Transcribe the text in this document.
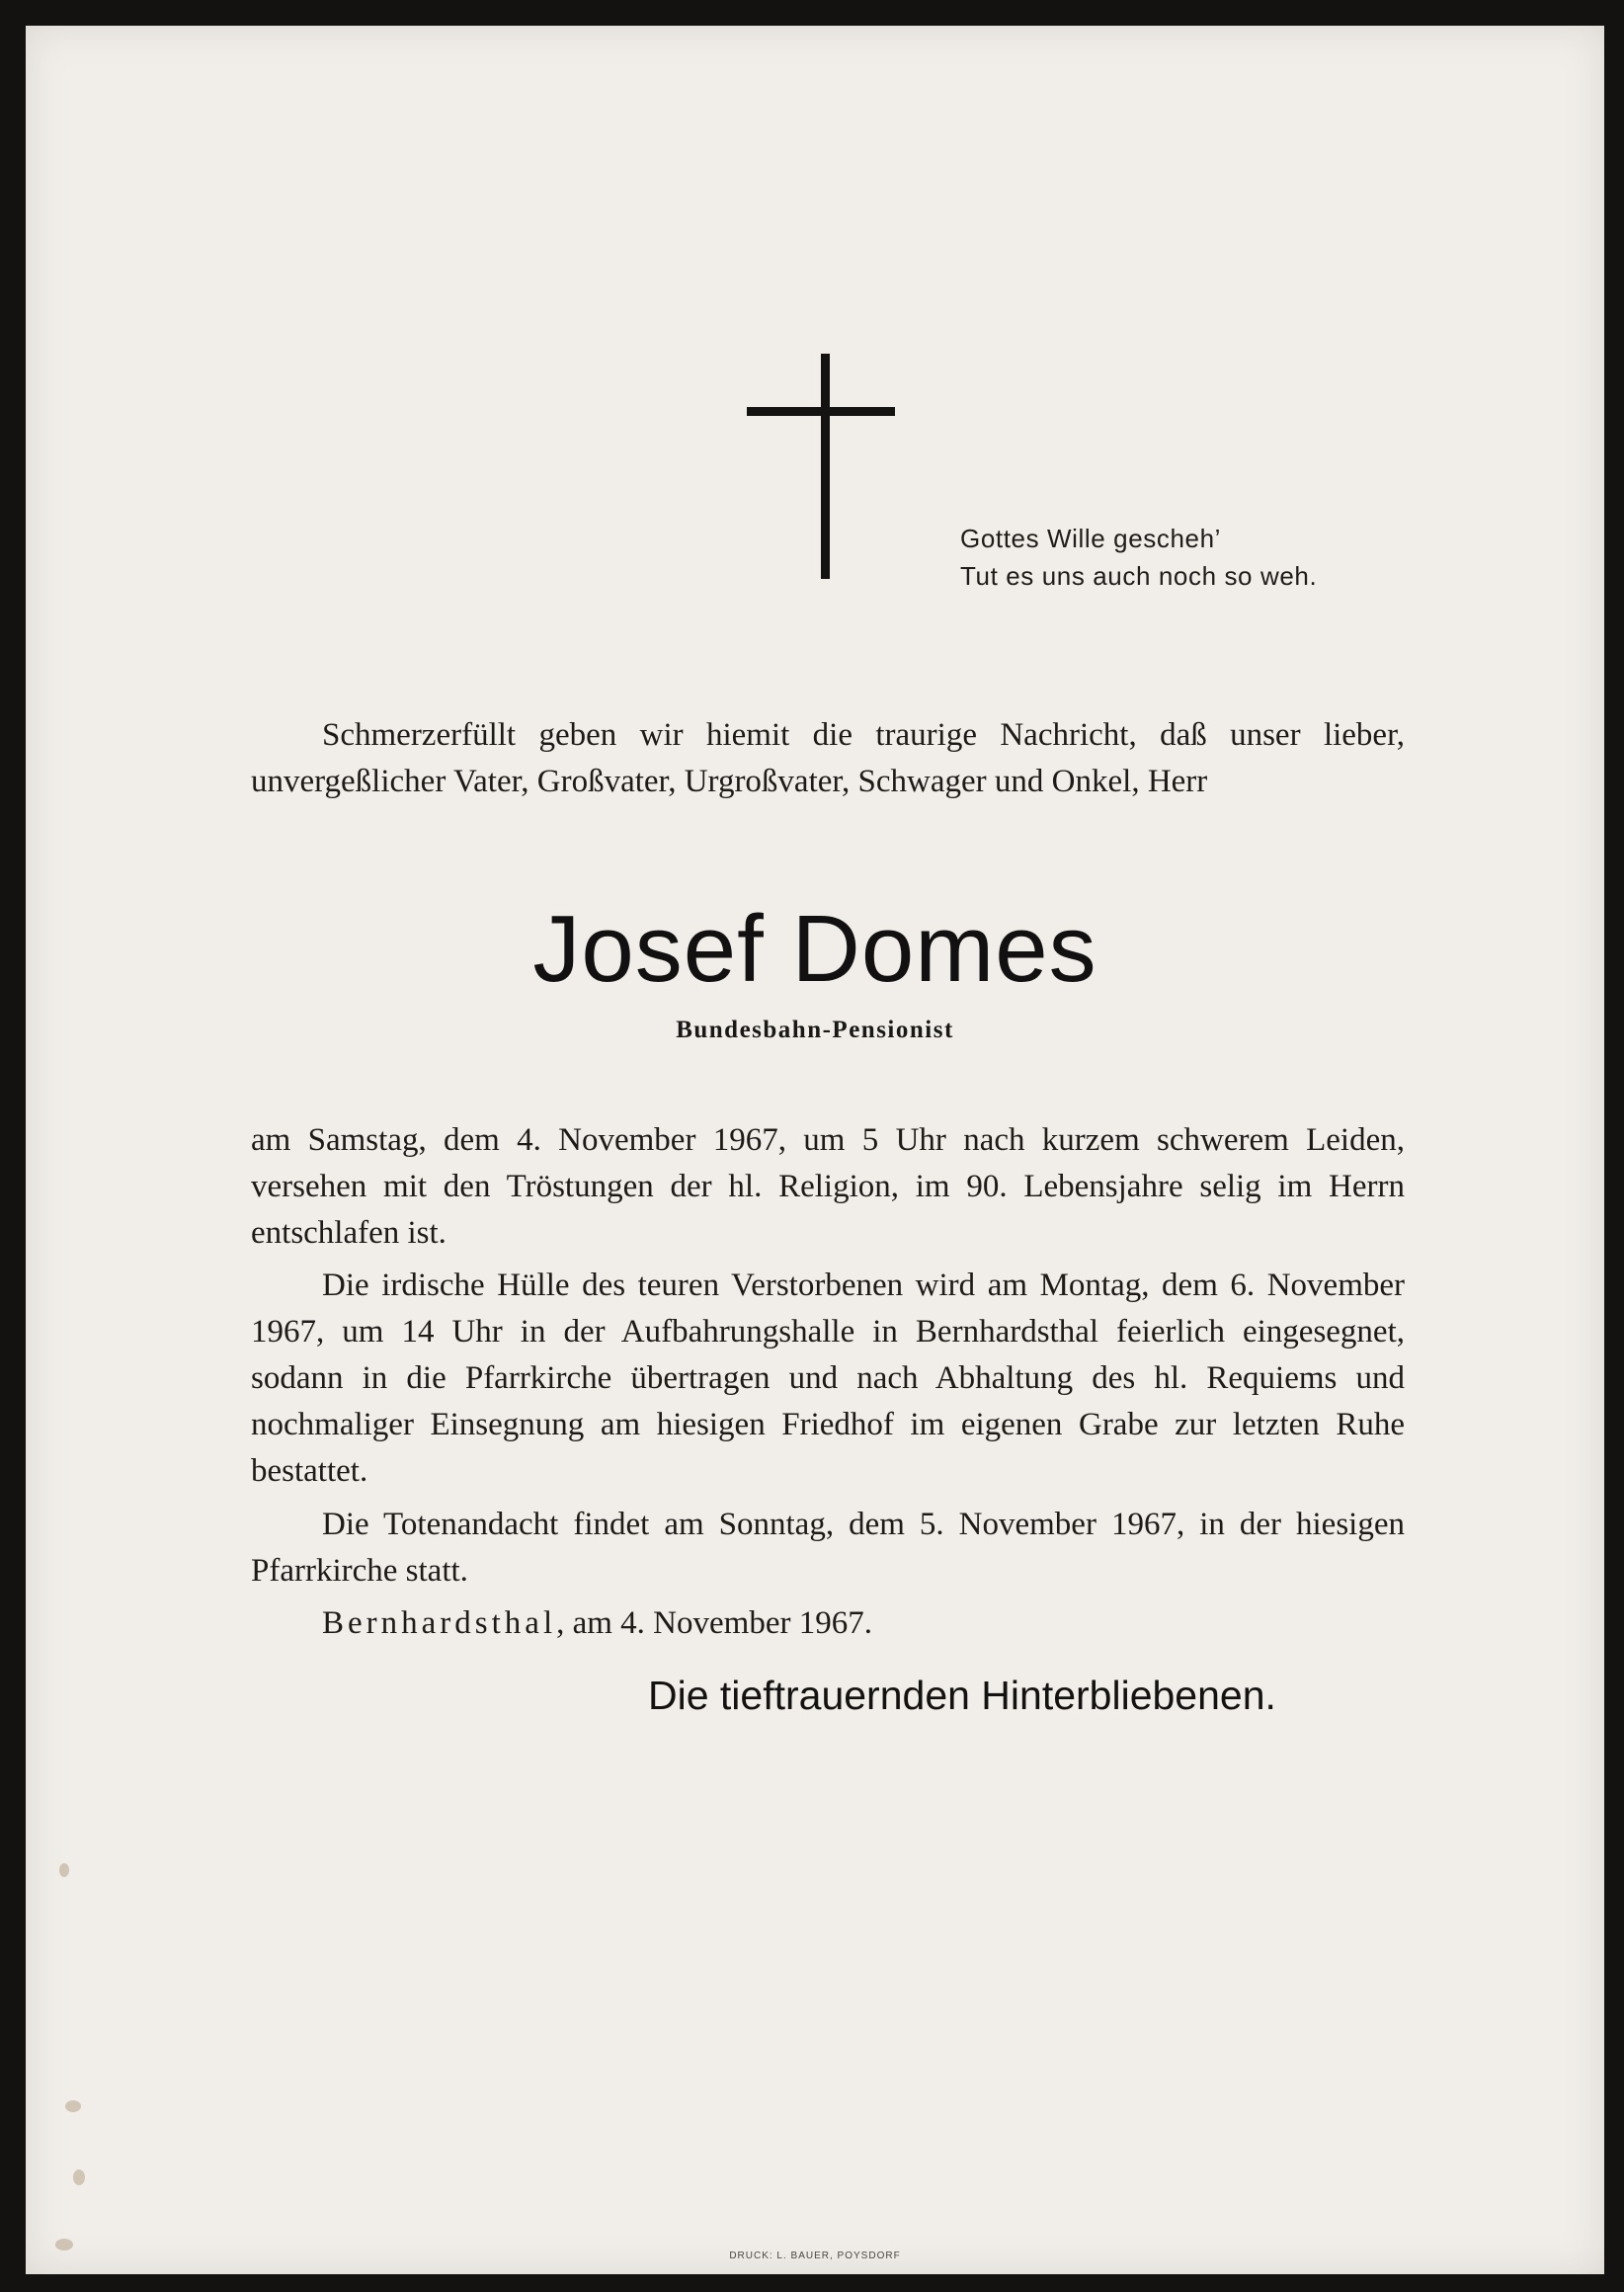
Gottes Wille gescheh’
Tut es uns auch noch so weh.

Schmerzerfüllt geben wir hiemit die traurige Nachricht, daß unser lieber, unvergeßlicher Vater, Großvater, Urgroßvater, Schwager und Onkel, Herr

Josef Domes
Bundesbahn-Pensionist

am Samstag, dem 4. November 1967, um 5 Uhr nach kurzem schwerem Leiden, versehen mit den Tröstungen der hl. Religion, im 90. Lebensjahre selig im Herrn entschlafen ist.

Die irdische Hülle des teuren Verstorbenen wird am Montag, dem 6. November 1967, um 14 Uhr in der Aufbahrungshalle in Bernhardsthal feierlich eingesegnet, sodann in die Pfarrkirche übertragen und nach Abhaltung des hl. Requiems und nochmaliger Einsegnung am hiesigen Friedhof im eigenen Grabe zur letzten Ruhe bestattet.

Die Totenandacht findet am Sonntag, dem 5. November 1967, in der hiesigen Pfarrkirche statt.

Bernhardsthal, am 4. November 1967.

Die tieftrauernden Hinterbliebenen.
DRUCK: L. BAUER, POYSDORF
